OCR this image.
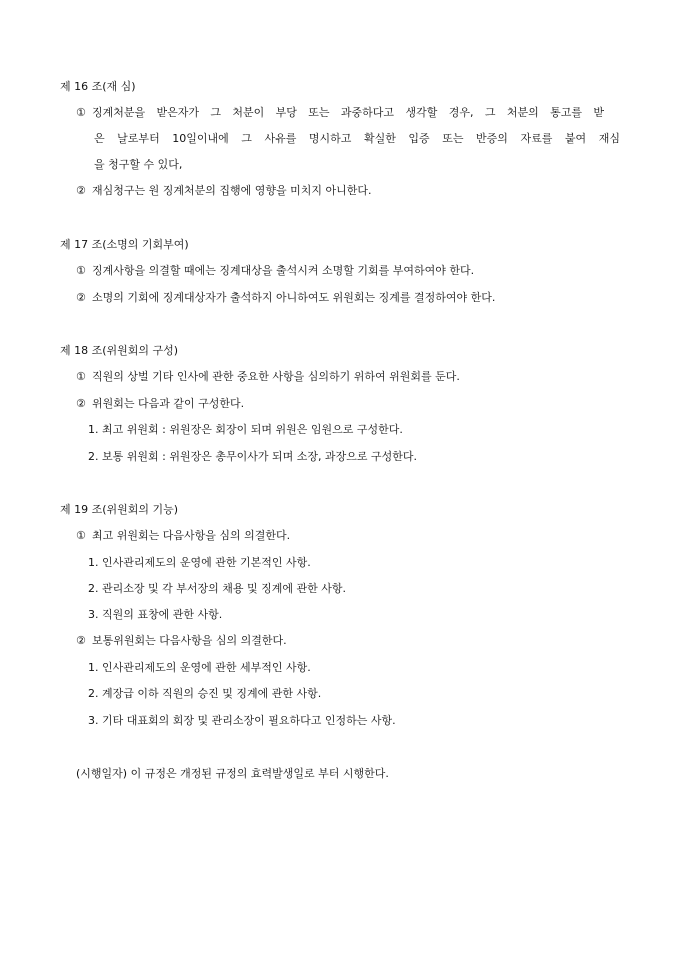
제 16 조(재 심)
① 징계처분을 받은자가 그 처분이 부당 또는 과중하다고 생각할 경우, 그 처분의 통고를 받
은 날로부터 10일이내에 그 사유를 명시하고 확실한 입증 또는 반증의 자료를 붙여 재심
을 청구할 수 있다,
② 재심청구는 원 징계처분의 집행에 영향을 미치지 아니한다.
제 17 조(소명의 기회부여)
① 징계사항을 의결할 때에는 징계대상을 출석시켜 소명할 기회를 부여하여야 한다.
② 소명의 기회에 징계대상자가 출석하지 아니하여도 위원회는 징계를 결정하여야 한다.
제 18 조(위원회의 구성)
① 직원의 상벌 기타 인사에 관한 중요한 사항을 심의하기 위하여 위원회를 둔다.
② 위원회는 다음과 같이 구성한다.
1. 최고 위원회 : 위원장은 회장이 되며 위원은 임원으로 구성한다.
2. 보통 위원회 : 위원장은 총무이사가 되며 소장, 과장으로 구성한다.
제 19 조(위원회의 기능)
① 최고 위원회는 다음사항을 심의 의결한다.
1. 인사관리제도의 운영에 관한 기본적인 사항.
2. 관리소장 및 각 부서장의 채용 및 징계에 관한 사항.
3. 직원의 표창에 관한 사항.
② 보통위원회는 다음사항을 심의 의결한다.
1. 인사관리제도의 운영에 관한 세부적인 사항.
2. 계장급 이하 직원의 승진 및 징계에 관한 사항.
3. 기타 대표회의 회장 및 관리소장이 필요하다고 인정하는 사항.
(시행일자) 이 규정은 개정된 규정의 효력발생일로 부터 시행한다.
